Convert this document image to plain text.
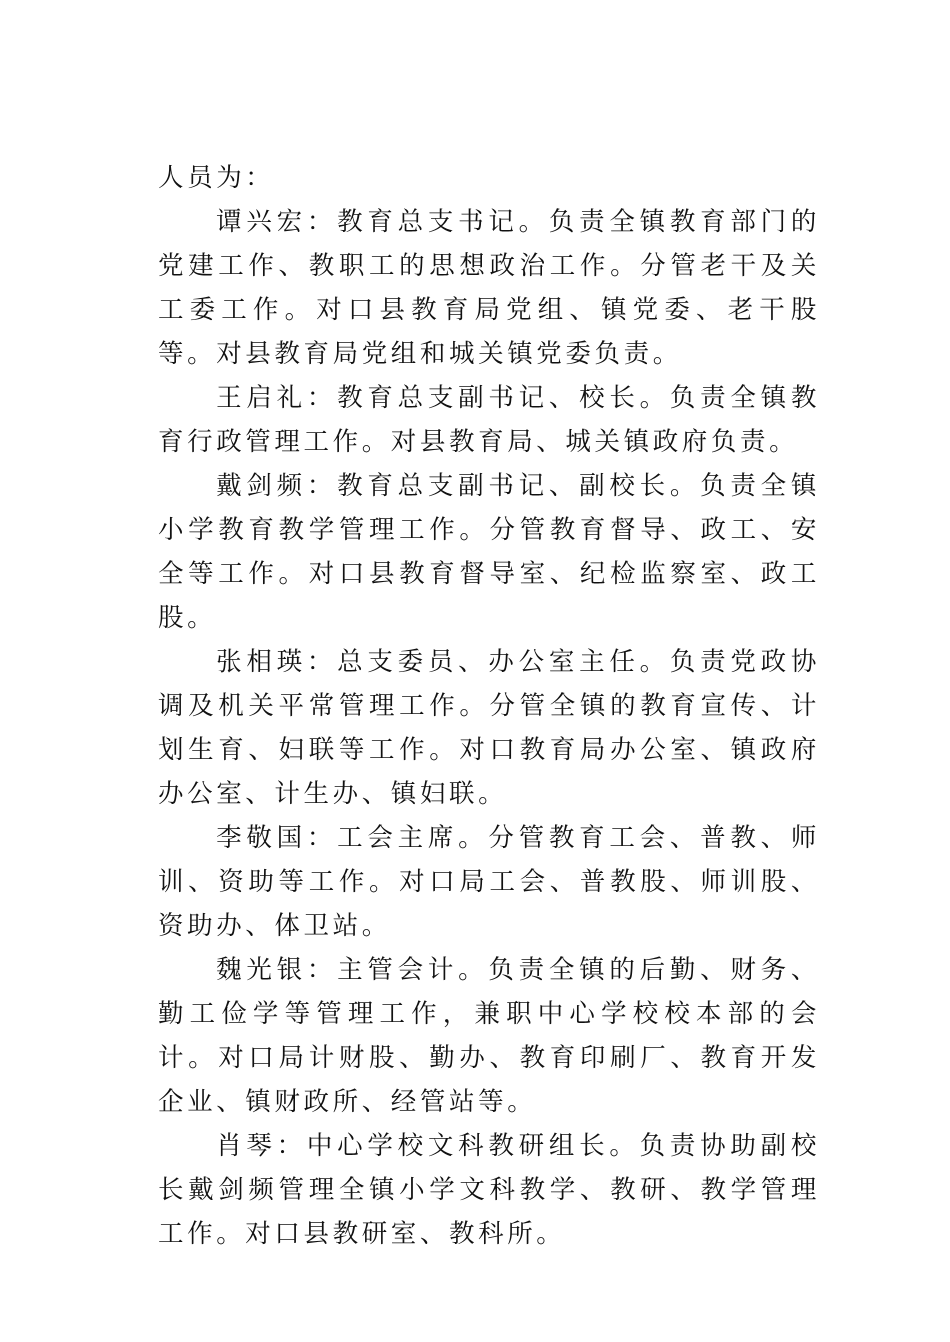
人员为：

谭兴宏：教育总支书记。负责全镇教育部门的党建工作、教职工的思想政治工作。分管老干及关工委工作。对口县教育局党组、镇党委、老干股等。对县教育局党组和城关镇党委负责。

王启礼：教育总支副书记、校长。负责全镇教育行政管理工作。对县教育局、城关镇政府负责。

戴剑频：教育总支副书记、副校长。负责全镇小学教育教学管理工作。分管教育督导、政工、安全等工作。对口县教育督导室、纪检监察室、政工股。

张相瑛：总支委员、办公室主任。负责党政协调及机关平常管理工作。分管全镇的教育宣传、计划生育、妇联等工作。对口教育局办公室、镇政府办公室、计生办、镇妇联。

李敬国：工会主席。分管教育工会、普教、师训、资助等工作。对口局工会、普教股、师训股、资助办、体卫站。

魏光银：主管会计。负责全镇的后勤、财务、勤工俭学等管理工作，兼职中心学校校本部的会计。对口局计财股、勤办、教育印刷厂、教育开发企业、镇财政所、经管站等。

肖琴：中心学校文科教研组长。负责协助副校长戴剑频管理全镇小学文科教学、教研、教学管理工作。对口县教研室、教科所。
